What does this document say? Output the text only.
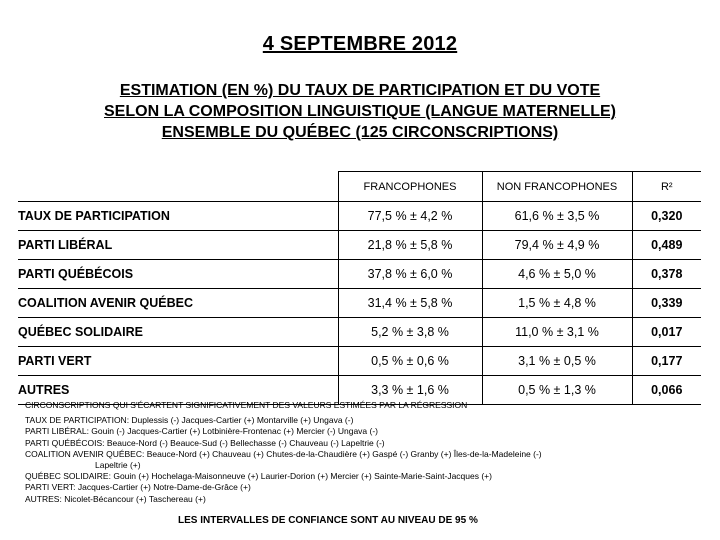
4 SEPTEMBRE 2012
ESTIMATION (EN %) DU TAUX DE PARTICIPATION ET DU VOTE
SELON LA COMPOSITION LINGUISTIQUE (LANGUE MATERNELLE)
ENSEMBLE DU QUÉBEC (125 CIRCONSCRIPTIONS)
	FRANCOPHONES	NON FRANCOPHONES	R²
TAUX DE PARTICIPATION	77,5 % ± 4,2 %	61,6 % ± 3,5 %	0,320
PARTI LIBÉRAL	21,8 % ± 5,8 %	79,4 % ± 4,9 %	0,489
PARTI QUÉBÉCOIS	37,8 % ± 6,0 %	4,6 % ± 5,0 %	0,378
COALITION AVENIR QUÉBEC	31,4 % ± 5,8 %	1,5 % ± 4,8 %	0,339
QUÉBEC SOLIDAIRE	5,2 % ± 3,8 %	11,0 % ± 3,1 %	0,017
PARTI VERT	0,5 % ± 0,6 %	3,1 % ± 0,5 %	0,177
AUTRES	3,3 % ± 1,6 %	0,5 % ± 1,3 %	0,066
CIRCONSCRIPTIONS QUI S'ÉCARTENT SIGNIFICATIVEMENT DES VALEURS ESTIMÉES PAR LA RÉGRESSION
TAUX DE PARTICIPATION: Duplessis (-) Jacques-Cartier (+) Montarville (+) Ungava (-)
PARTI LIBÉRAL: Gouin (-) Jacques-Cartier (+) Lotbinière-Frontenac (+) Mercier (-) Ungava (-)
PARTI QUÉBÉCOIS: Beauce-Nord (-) Beauce-Sud (-) Bellechasse (-) Chauveau (-) Lapeltrie (-)
COALITION AVENIR QUÉBEC: Beauce-Nord (+) Chauveau (+) Chutes-de-la-Chaudière (+) Gaspé (-) Granby (+) Îles-de-la-Madeleine (-)
Lapeltrie (+)
QUÉBEC SOLIDAIRE: Gouin (+) Hochelaga-Maisonneuve (+) Laurier-Dorion (+) Mercier (+) Sainte-Marie-Saint-Jacques (+)
PARTI VERT: Jacques-Cartier (+) Notre-Dame-de-Grâce (+)
AUTRES: Nicolet-Bécancour (+) Taschereau (+)
LES INTERVALLES DE CONFIANCE SONT AU NIVEAU DE 95 %
